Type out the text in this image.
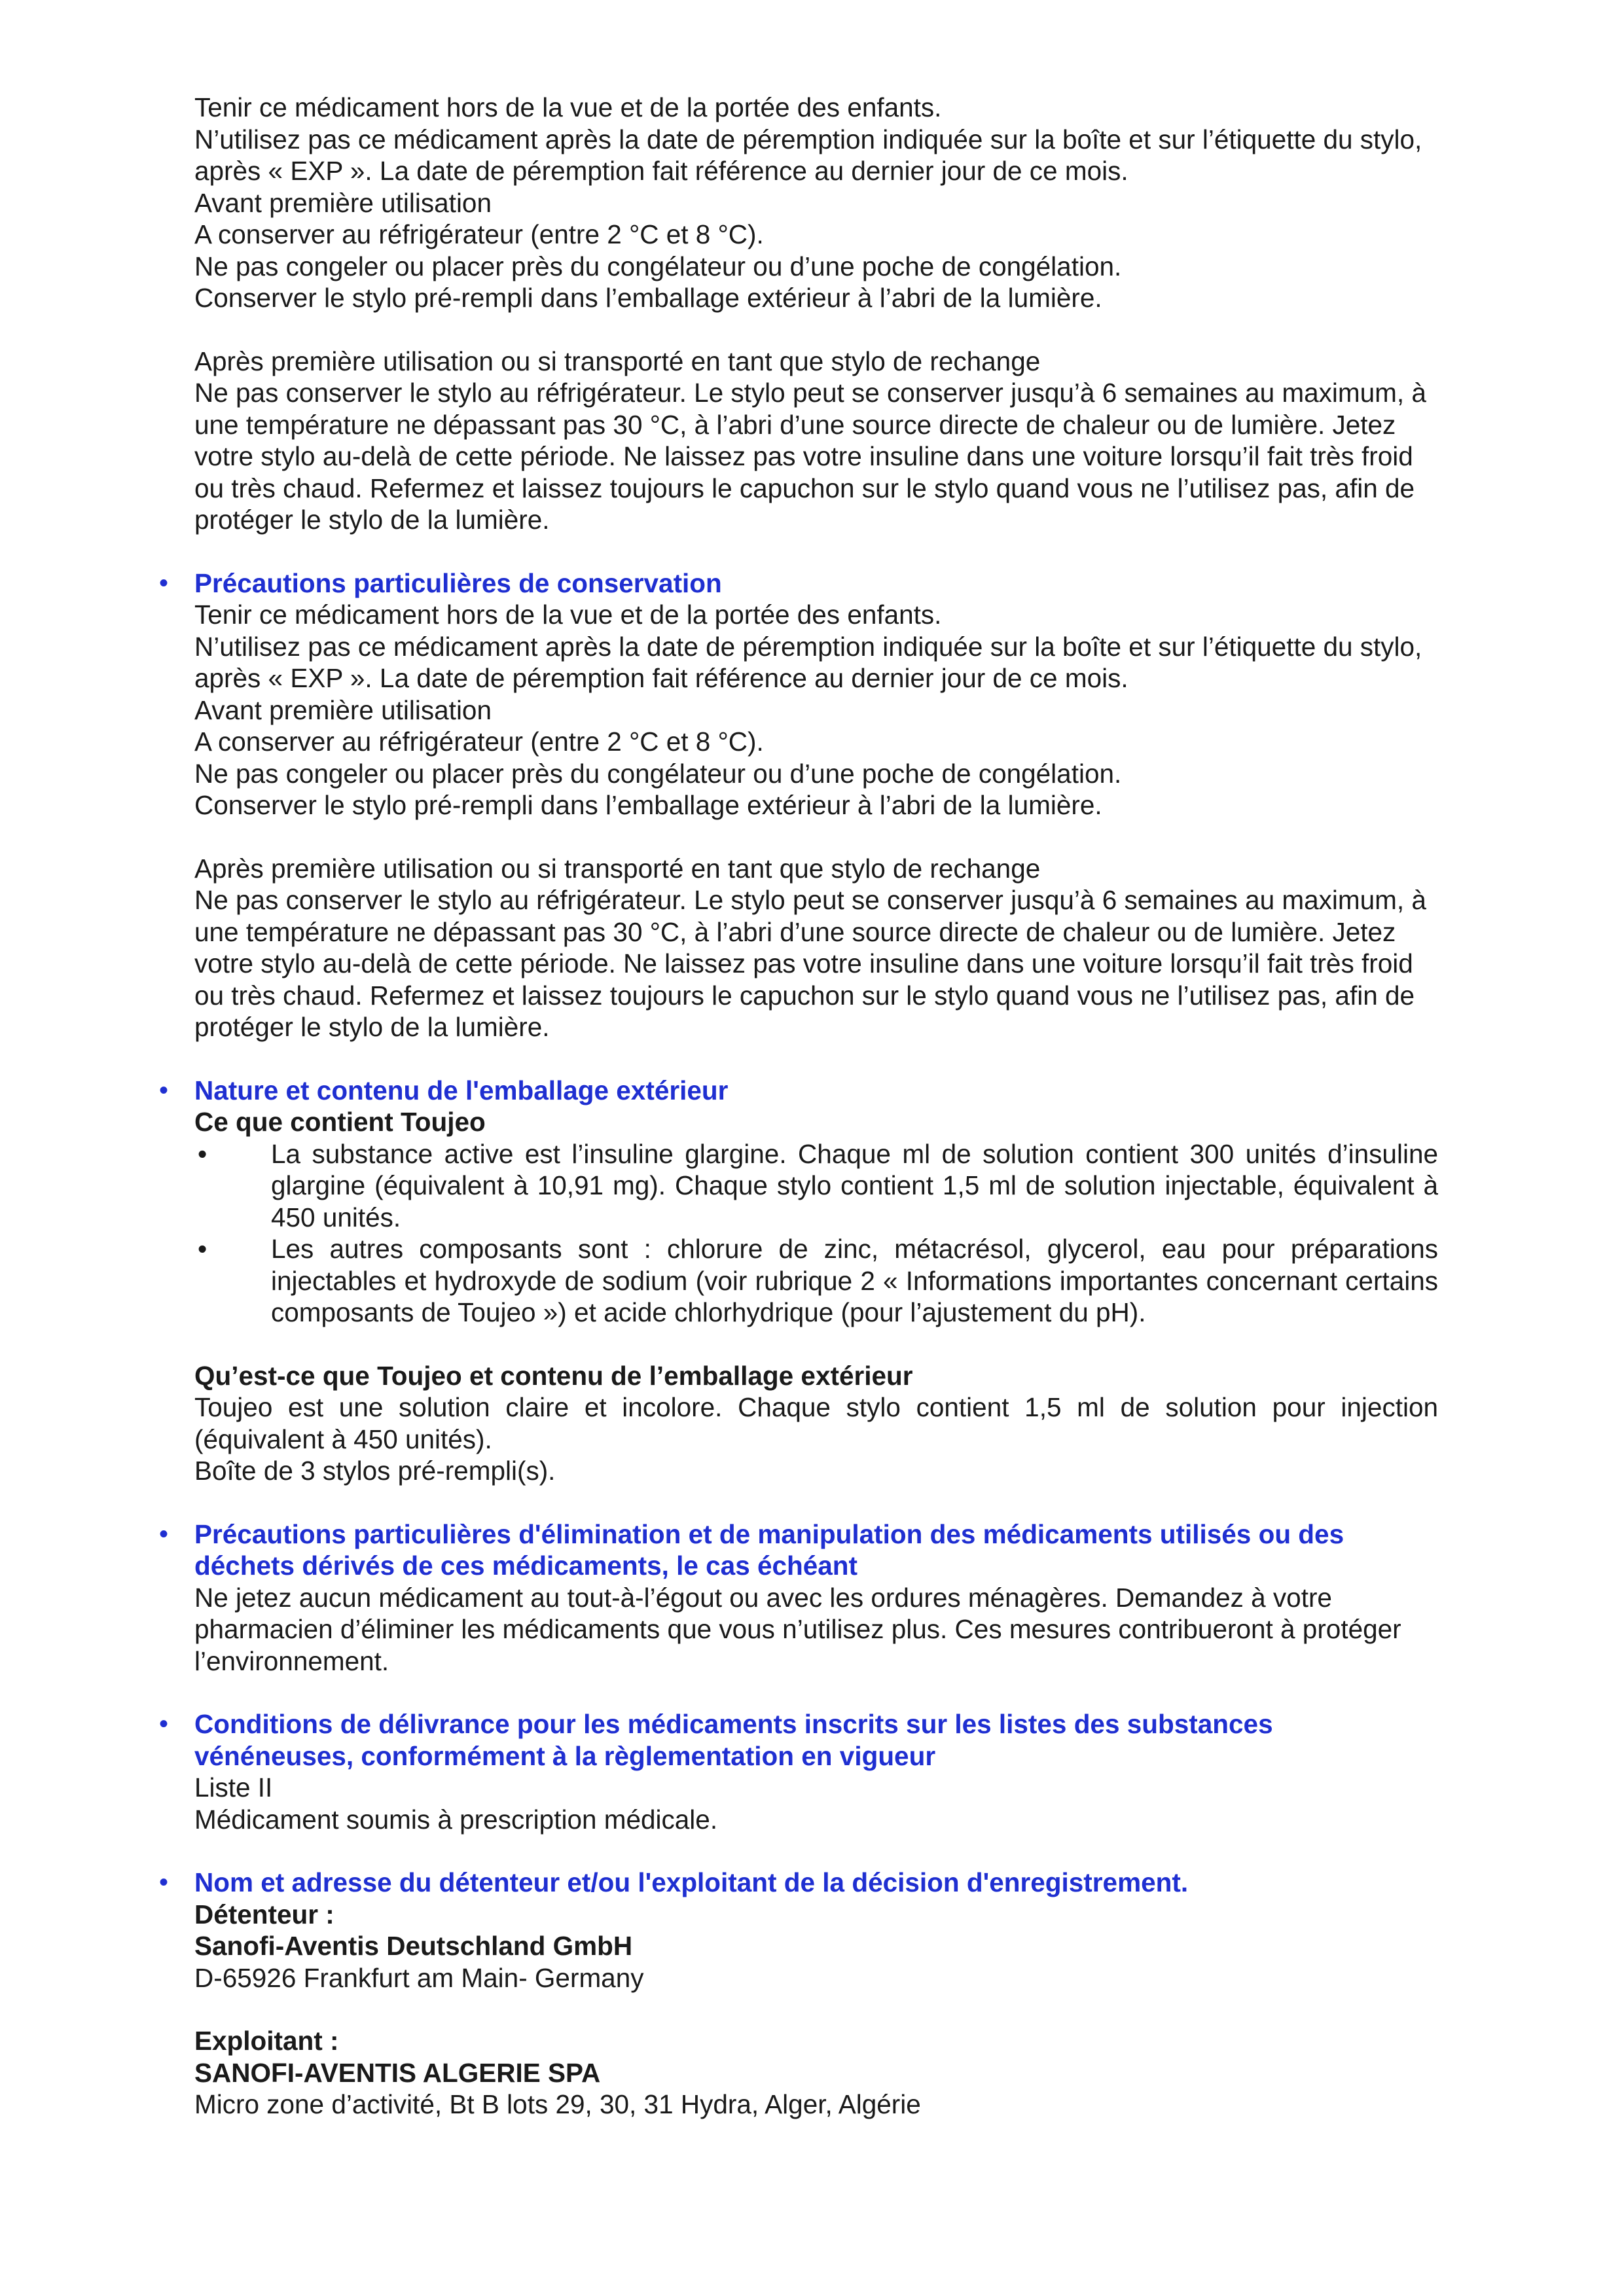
Tenir ce médicament hors de la vue et de la portée des enfants.
N’utilisez pas ce médicament après la date de péremption indiquée sur la boîte et sur l’étiquette du stylo, après « EXP ». La date de péremption fait référence au dernier jour de ce mois.
Avant première utilisation
A conserver au réfrigérateur (entre 2 °C et 8 °C).
Ne pas congeler ou placer près du congélateur ou d’une poche de congélation.
Conserver le stylo pré-rempli dans l’emballage extérieur à l’abri de la lumière.

Après première utilisation ou si transporté en tant que stylo de rechange
Ne pas conserver le stylo au réfrigérateur. Le stylo peut se conserver jusqu’à 6 semaines au maximum, à une température ne dépassant pas 30 °C, à l’abri d’une source directe de chaleur ou de lumière. Jetez votre stylo au-delà de cette période. Ne laissez pas votre insuline dans une voiture lorsqu’il fait très froid ou très chaud. Refermez et laissez toujours le capuchon sur le stylo quand vous ne l’utilisez pas, afin de protéger le stylo de la lumière.

• Précautions particulières de conservation

Tenir ce médicament hors de la vue et de la portée des enfants.
N’utilisez pas ce médicament après la date de péremption indiquée sur la boîte et sur l’étiquette du stylo, après « EXP ». La date de péremption fait référence au dernier jour de ce mois.
Avant première utilisation
A conserver au réfrigérateur (entre 2 °C et 8 °C).
Ne pas congeler ou placer près du congélateur ou d’une poche de congélation.
Conserver le stylo pré-rempli dans l’emballage extérieur à l’abri de la lumière.

Après première utilisation ou si transporté en tant que stylo de rechange
Ne pas conserver le stylo au réfrigérateur. Le stylo peut se conserver jusqu’à 6 semaines au maximum, à une température ne dépassant pas 30 °C, à l’abri d’une source directe de chaleur ou de lumière. Jetez votre stylo au-delà de cette période. Ne laissez pas votre insuline dans une voiture lorsqu’il fait très froid ou très chaud. Refermez et laissez toujours le capuchon sur le stylo quand vous ne l’utilisez pas, afin de protéger le stylo de la lumière.

• Nature et contenu de l'emballage extérieur

Ce que contient Toujeo

• La substance active est l’insuline glargine. Chaque ml de solution contient 300 unités d’insuline glargine (équivalent à 10,91 mg). Chaque stylo contient 1,5 ml de solution injectable, équivalent à 450 unités.
• Les autres composants sont : chlorure de zinc, métacrésol, glycerol, eau pour préparations injectables et hydroxyde de sodium (voir rubrique 2 « Informations importantes concernant certains composants de Toujeo ») et acide chlorhydrique (pour l’ajustement du pH).

Qu’est-ce que Toujeo et contenu de l’emballage extérieur

Toujeo est une solution claire et incolore. Chaque stylo contient 1,5 ml de solution pour injection (équivalent à 450 unités).

Boîte de 3 stylos pré-rempli(s).

• Précautions particulières d'élimination et de manipulation des médicaments utilisés ou des déchets dérivés de ces médicaments, le cas échéant

Ne jetez aucun médicament au tout-à-l’égout ou avec les ordures ménagères. Demandez à votre pharmacien d’éliminer les médicaments que vous n’utilisez plus. Ces mesures contribueront à protéger l’environnement.

• Conditions de délivrance pour les médicaments inscrits sur les listes des substances vénéneuses, conformément à la règlementation en vigueur

Liste II

Médicament soumis à prescription médicale.

• Nom et adresse du détenteur et/ou l'exploitant de la décision d'enregistrement.

Détenteur :

Sanofi-Aventis Deutschland GmbH

D-65926 Frankfurt am Main- Germany

Exploitant :

SANOFI-AVENTIS ALGERIE SPA

Micro zone d’activité, Bt B lots 29, 30, 31 Hydra, Alger, Algérie
